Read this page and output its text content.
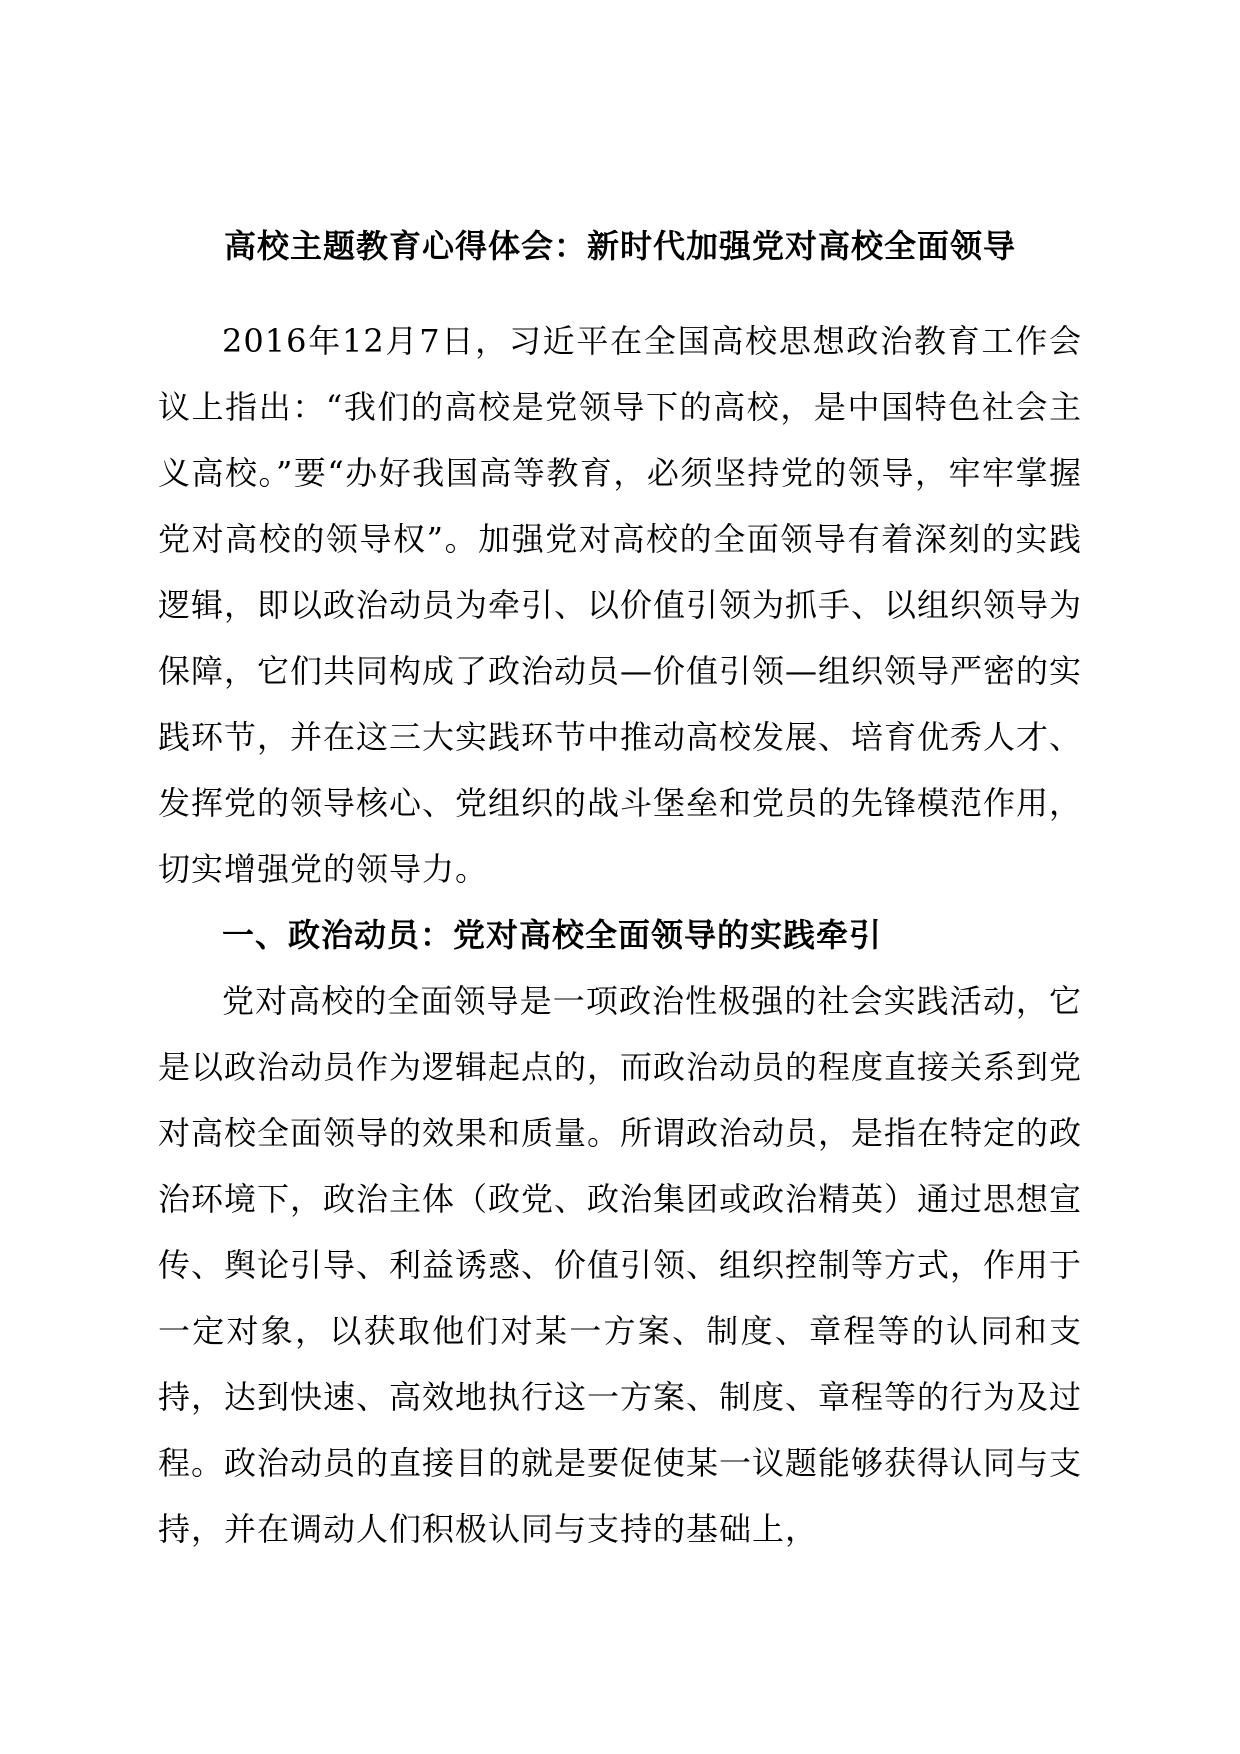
高校主题教育心得体会：新时代加强党对高校全面领导

2016年12月7日，习近平在全国高校思想政治教育工作会议上指出：“我们的高校是党领导下的高校，是中国特色社会主义高校。”要“办好我国高等教育，必须坚持党的领导，牢牢掌握党对高校的领导权”。加强党对高校的全面领导有着深刻的实践逻辑，即以政治动员为牵引、以价值引领为抓手、以组织领导为保障，它们共同构成了政治动员—价值引领—组织领导严密的实践环节，并在这三大实践环节中推动高校发展、培育优秀人才、发挥党的领导核心、党组织的战斗堡垒和党员的先锋模范作用，切实增强党的领导力。

一、政治动员：党对高校全面领导的实践牵引

党对高校的全面领导是一项政治性极强的社会实践活动，它是以政治动员作为逻辑起点的，而政治动员的程度直接关系到党对高校全面领导的效果和质量。所谓政治动员，是指在特定的政治环境下，政治主体（政党、政治集团或政治精英）通过思想宣传、舆论引导、利益诱惑、价值引领、组织控制等方式，作用于一定对象，以获取他们对某一方案、制度、章程等的认同和支持，达到快速、高效地执行这一方案、制度、章程等的行为及过程。政治动员的直接目的就是要促使某一议题能够获得认同与支持，并在调动人们积极认同与支持的基础上，
